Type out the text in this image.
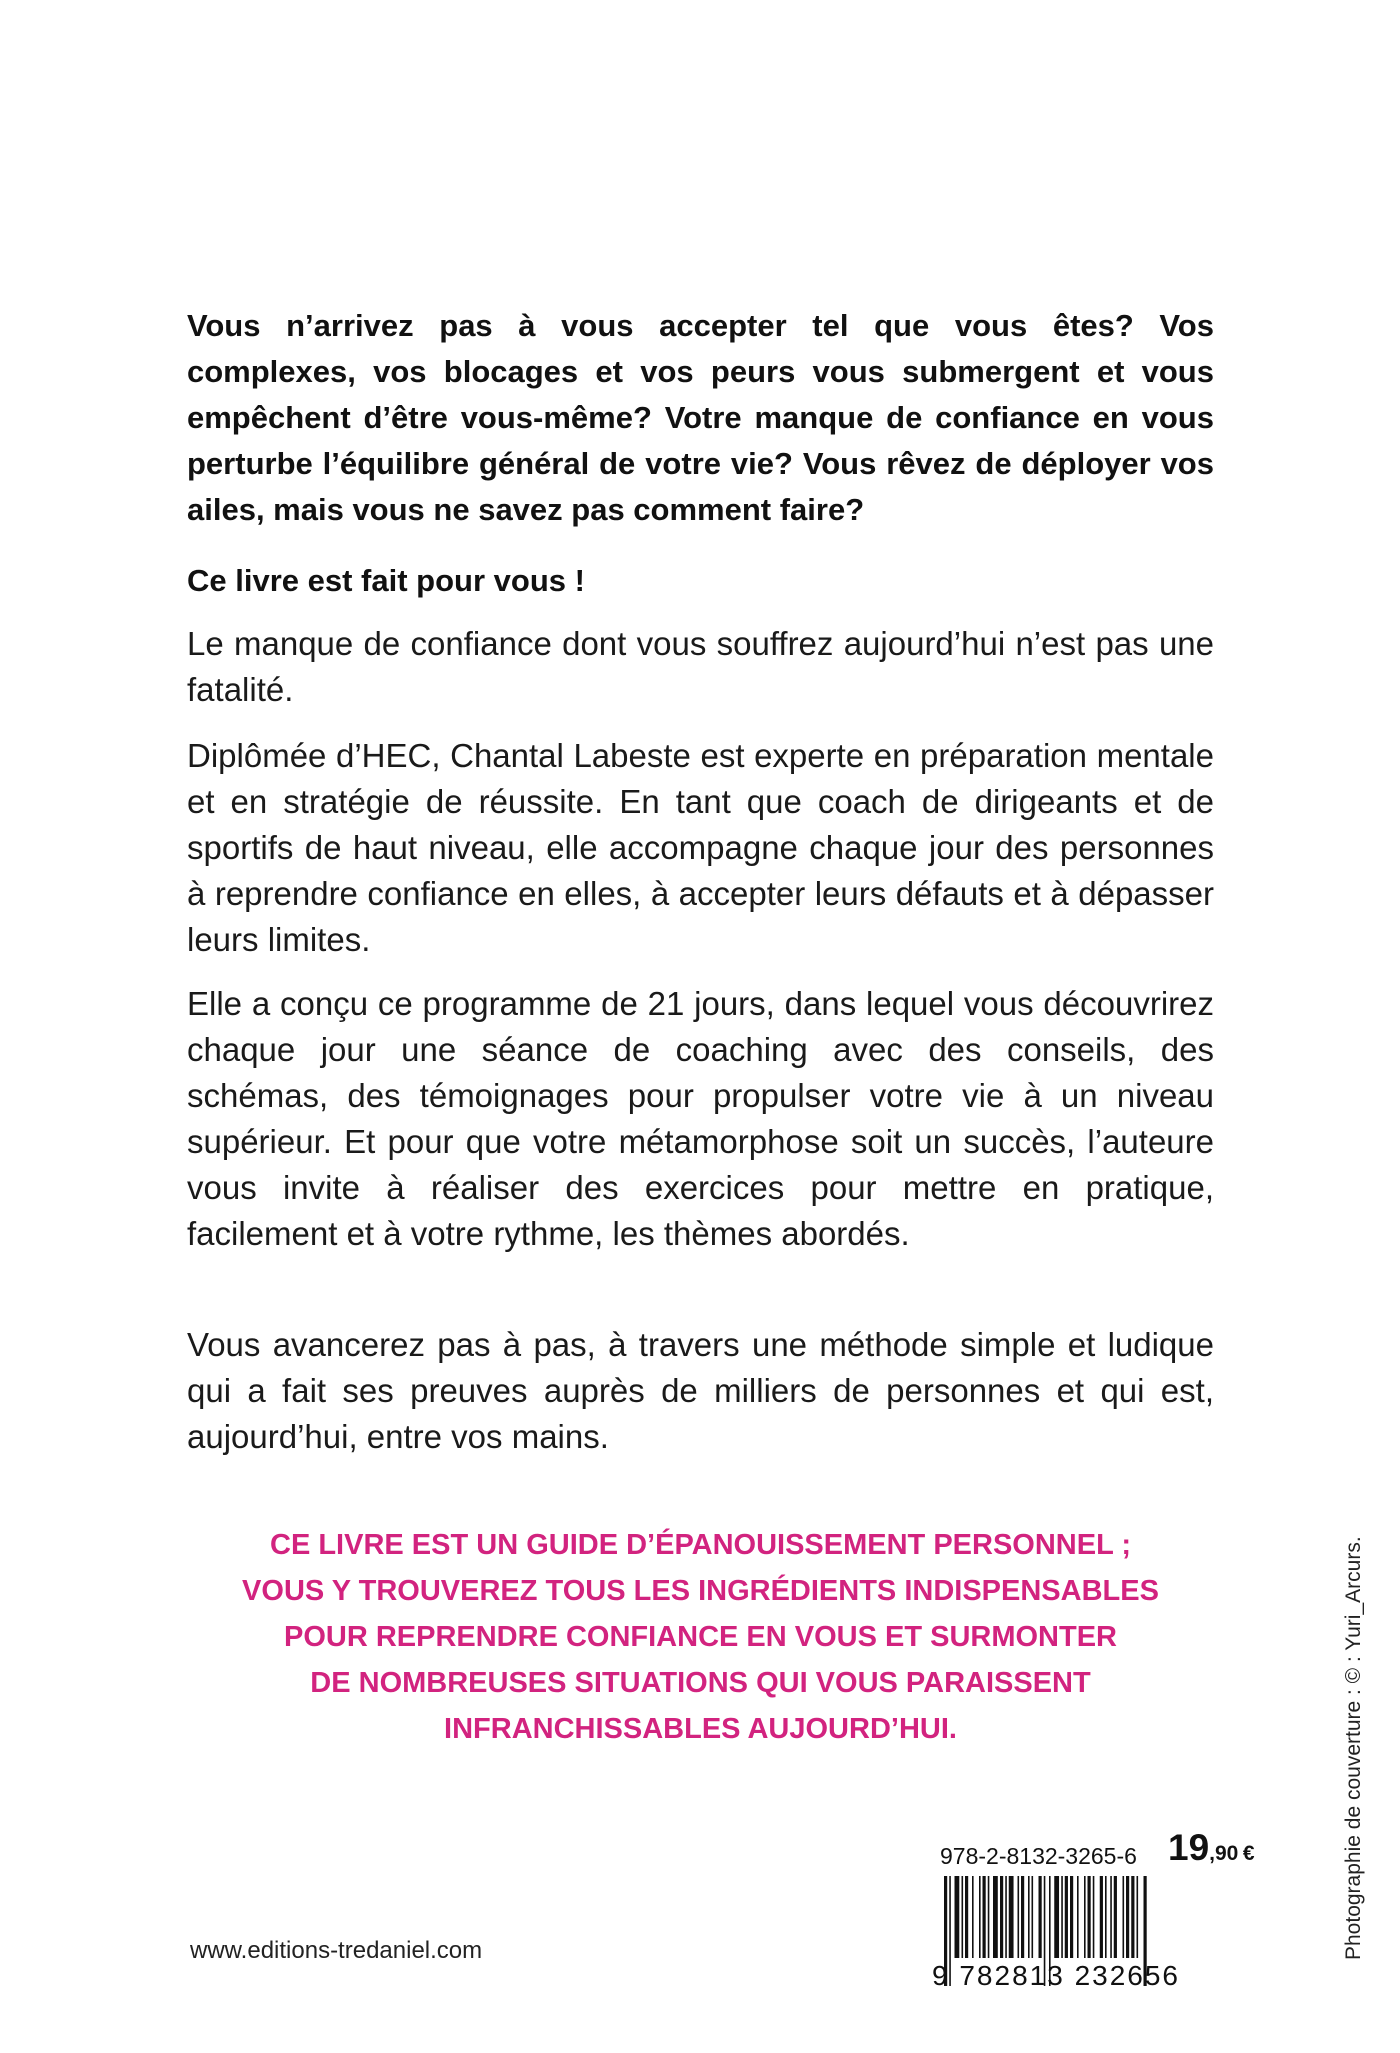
Vous n’arrivez pas à vous accepter tel que vous êtes? Vos complexes, vos blocages et vos peurs vous submergent et vous empêchent d’être vous-même? Votre manque de confiance en vous perturbe l’équilibre général de votre vie? Vous rêvez de déployer vos ailes, mais vous ne savez pas comment faire?

Ce livre est fait pour vous !

Le manque de confiance dont vous souffrez aujourd’hui n’est pas une fatalité.

Diplômée d’HEC, Chantal Labeste est experte en préparation mentale et en stratégie de réussite. En tant que coach de dirigeants et de sportifs de haut niveau, elle accompagne chaque jour des personnes à reprendre confiance en elles, à accepter leurs défauts et à dépasser leurs limites.

Elle a conçu ce programme de 21 jours, dans lequel vous découvrirez chaque jour une séance de coaching avec des conseils, des schémas, des témoignages pour propulser votre vie à un niveau supérieur. Et pour que votre métamorphose soit un succès, l’auteure vous invite à réaliser des exercices pour mettre en pratique, facilement et à votre rythme, les thèmes abordés.

Vous avancerez pas à pas, à travers une méthode simple et ludique qui a fait ses preuves auprès de milliers de personnes et qui est, aujourd’hui, entre vos mains.

CE LIVRE EST UN GUIDE D’ÉPANOUISSEMENT PERSONNEL ;
VOUS Y TROUVEREZ TOUS LES INGRÉDIENTS INDISPENSABLES
POUR REPRENDRE CONFIANCE EN VOUS ET SURMONTER
DE NOMBREUSES SITUATIONS QUI VOUS PARAISSENT
INFRANCHISSABLES AUJOURD’HUI.	Photographie de couverture : © : Yuri_Arcurs.
978-2-8132-3265-6 19,90 €
9 782813 232656
www.editions-tredaniel.com
